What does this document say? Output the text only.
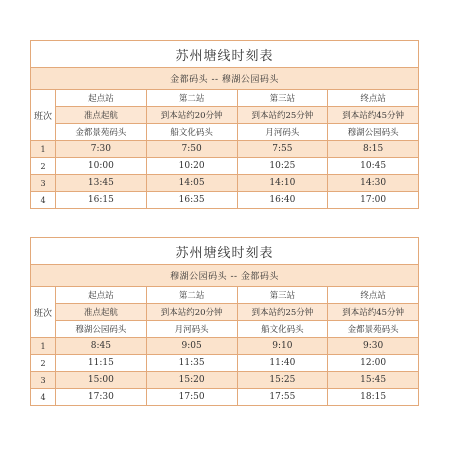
苏州塘线时刻表				
金都码头 -- 穆湖公园码头				
班次	起点站	第二站	第三站	终点站
	准点起航	到本站约20分钟	到本站约25分钟	到本站约45分钟
	金都景苑码头	船文化码头	月河码头	穆湖公园码头
1	7:30	7:50	7:55	8:15
2	10:00	10:20	10:25	10:45
3	13:45	14:05	14:10	14:30
4	16:15	16:35	16:40	17:00
苏州塘线时刻表				
穆湖公园码头 -- 金都码头				
班次	起点站	第二站	第三站	终点站
	准点起航	到本站约20分钟	到本站约25分钟	到本站约45分钟
	穆湖公园码头	月河码头	船文化码头	金都景苑码头
1	8:45	9:05	9:10	9:30
2	11:15	11:35	11:40	12:00
3	15:00	15:20	15:25	15:45
4	17:30	17:50	17:55	18:15
